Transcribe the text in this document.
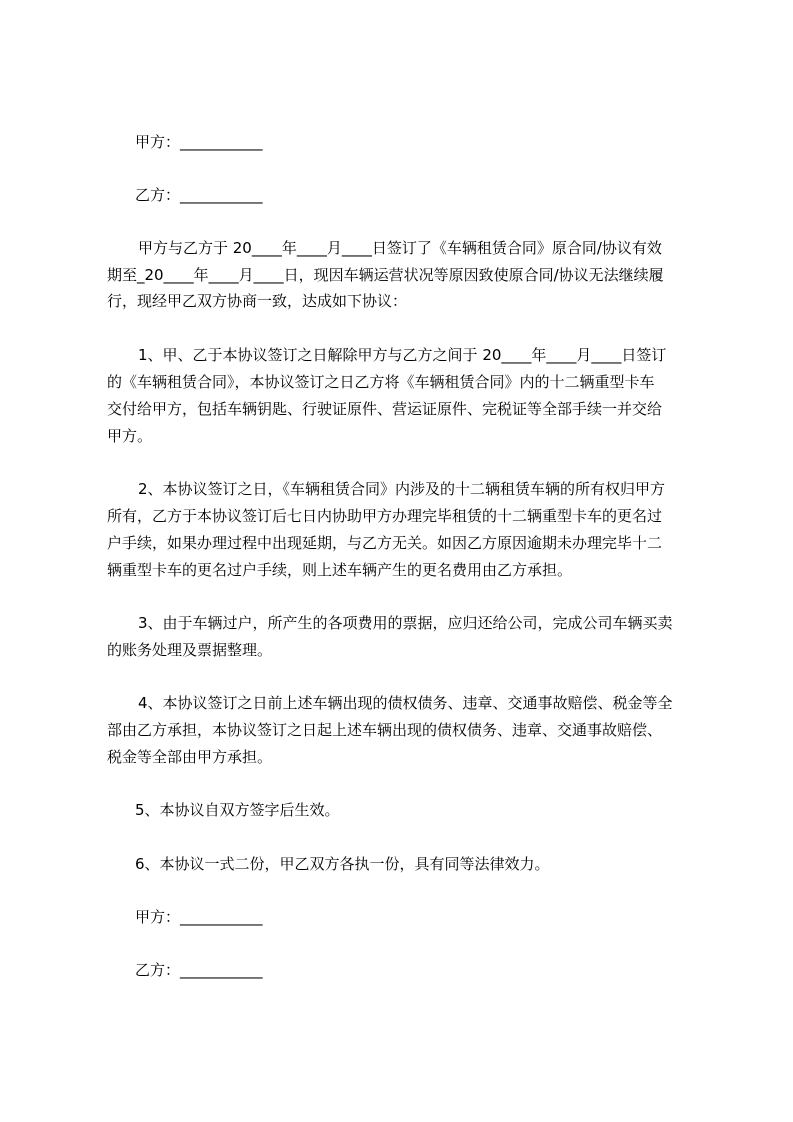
甲方：___________
乙方：___________
甲方与乙方于 20____年____月____日签订了《车辆租赁合同》原合同/协议有效
期至_20____年____月____日，现因车辆运营状况等原因致使原合同/协议无法继续履
行，现经甲乙双方协商一致，达成如下协议：
1、甲、乙于本协议签订之日解除甲方与乙方之间于 20____年____月____日签订
的《车辆租赁合同》，本协议签订之日乙方将《车辆租赁合同》内的十二辆重型卡车
交付给甲方，包括车辆钥匙、行驶证原件、营运证原件、完税证等全部手续一并交给
甲方。
2、本协议签订之日，《车辆租赁合同》内涉及的十二辆租赁车辆的所有权归甲方
所有，乙方于本协议签订后七日内协助甲方办理完毕租赁的十二辆重型卡车的更名过
户手续，如果办理过程中出现延期，与乙方无关。如因乙方原因逾期未办理完毕十二
辆重型卡车的更名过户手续，则上述车辆产生的更名费用由乙方承担。
3、由于车辆过户，所产生的各项费用的票据，应归还给公司，完成公司车辆买卖
的账务处理及票据整理。
4、本协议签订之日前上述车辆出现的债权债务、违章、交通事故赔偿、税金等全
部由乙方承担，本协议签订之日起上述车辆出现的债权债务、违章、交通事故赔偿、
税金等全部由甲方承担。
5、本协议自双方签字后生效。
6、本协议一式二份，甲乙双方各执一份，具有同等法律效力。
甲方：___________
乙方：___________
